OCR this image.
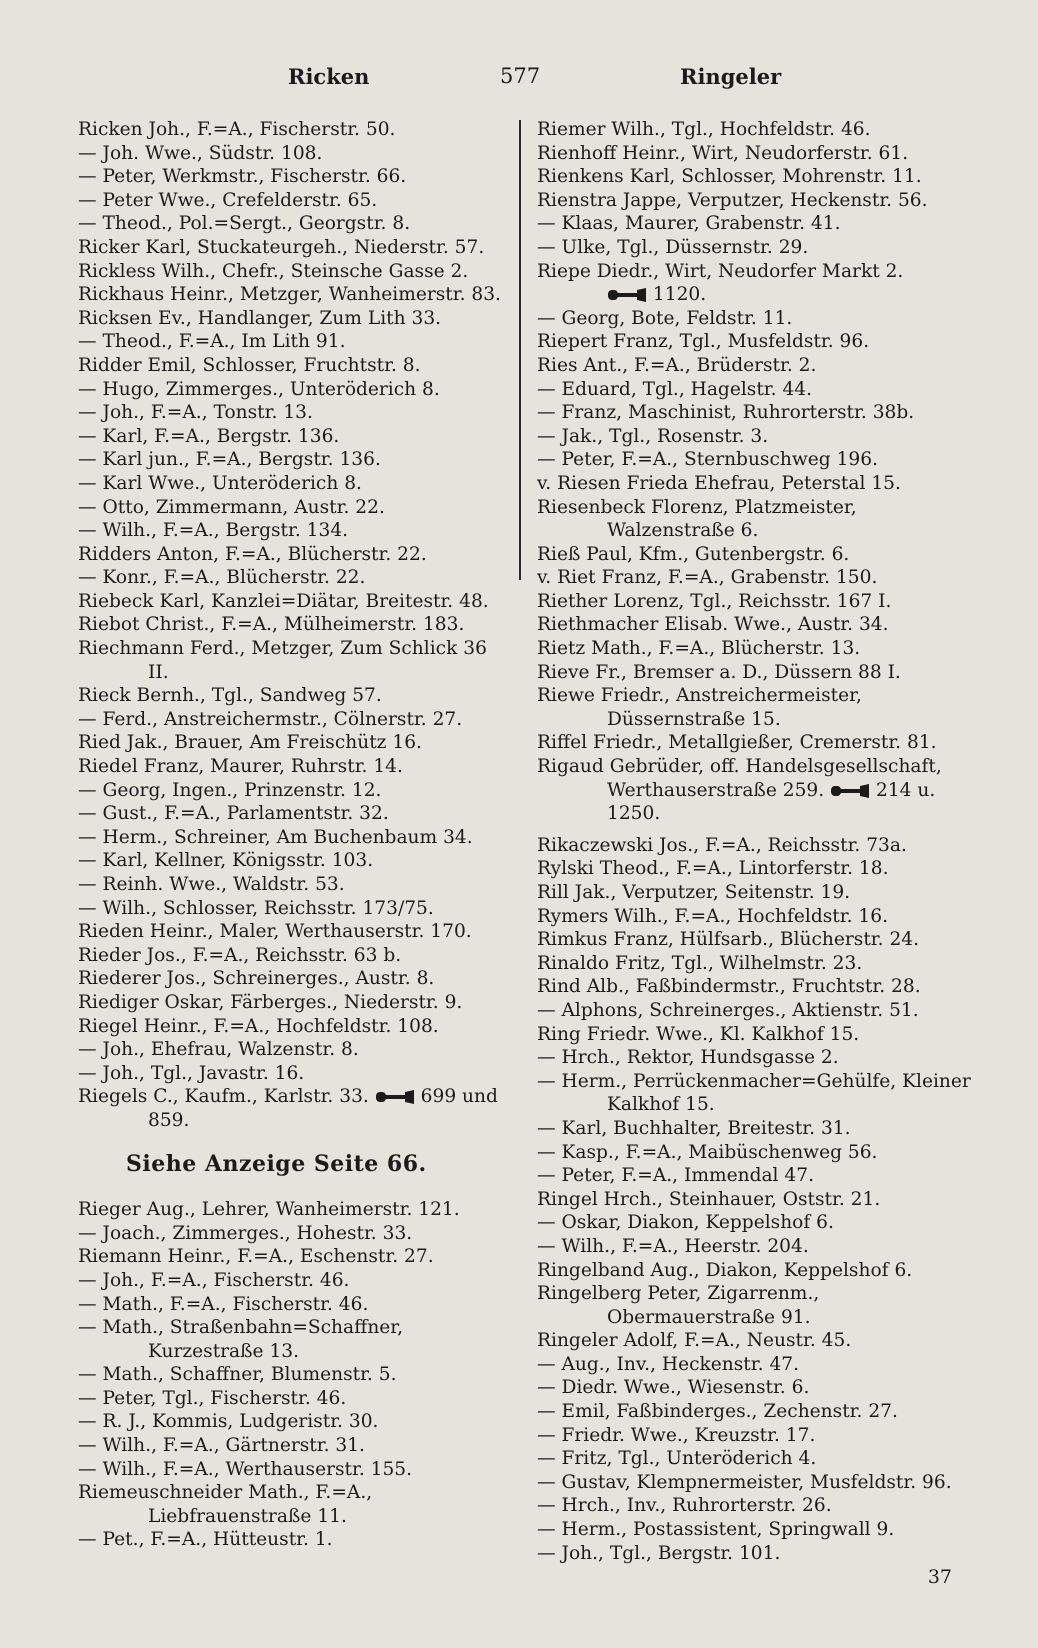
Ricken	577	Ringeler

Ricken Joh., F.=A., Fischerstr. 50.

— Joh. Wwe., Südstr. 108.

— Peter, Werkmstr., Fischerstr. 66.

— Peter Wwe., Crefelderstr. 65.

— Theod., Pol.=Sergt., Georgstr. 8.

Ricker Karl, Stuckateurgeh., Niederstr. 57.

Rickless Wilh., Chefr., Steinsche Gasse 2.

Rickhaus Heinr., Metzger, Wanheimerstr. 83.

Ricksen Ev., Handlanger, Zum Lith 33.

— Theod., F.=A., Im Lith 91.

Ridder Emil, Schlosser, Fruchtstr. 8.

— Hugo, Zimmerges., Unteröderich 8.

— Joh., F.=A., Tonstr. 13.

— Karl, F.=A., Bergstr. 136.

— Karl jun., F.=A., Bergstr. 136.

— Karl Wwe., Unteröderich 8.

— Otto, Zimmermann, Austr. 22.

— Wilh., F.=A., Bergstr. 134.

Ridders Anton, F.=A., Blücherstr. 22.

— Konr., F.=A., Blücherstr. 22.

Riebeck Karl, Kanzlei=Diätar, Breitestr. 48.

Riebot Christ., F.=A., Mülheimerstr. 183.

Riechmann Ferd., Metzger, Zum Schlick 36 II.

Rieck Bernh., Tgl., Sandweg 57.

— Ferd., Anstreichermstr., Cölnerstr. 27.

Ried Jak., Brauer, Am Freischütz 16.

Riedel Franz, Maurer, Ruhrstr. 14.

— Georg, Ingen., Prinzenstr. 12.

— Gust., F.=A., Parlamentstr. 32.

— Herm., Schreiner, Am Buchenbaum 34.

— Karl, Kellner, Königsstr. 103.

— Reinh. Wwe., Waldstr. 53.

— Wilh., Schlosser, Reichsstr. 173/75.

Rieden Heinr., Maler, Werthauserstr. 170.

Rieder Jos., F.=A., Reichsstr. 63 b.

Riederer Jos., Schreinerges., Austr. 8.

Riediger Oskar, Färberges., Niederstr. 9.

Riegel Heinr., F.=A., Hochfeldstr. 108.

— Joh., Ehefrau, Walzenstr. 8.

— Joh., Tgl., Javastr. 16.

Riegels C., Kaufm., Karlstr. 33.	699 und 859.

Siehe Anzeige Seite 66.

Rieger Aug., Lehrer, Wanheimerstr. 121.

— Joach., Zimmerges., Hohestr. 33.

Riemann Heinr., F.=A., Eschenstr. 27.

— Joh., F.=A., Fischerstr. 46.

— Math., F.=A., Fischerstr. 46.

— Math., Straßenbahn=Schaffner, Kurzestraße 13.

— Math., Schaffner, Blumenstr. 5.

— Peter, Tgl., Fischerstr. 46.

— R. J., Kommis, Ludgeristr. 30.

— Wilh., F.=A., Gärtnerstr. 31.

— Wilh., F.=A., Werthauserstr. 155.

Riemeuschneider Math., F.=A., Liebfrauenstraße 11.

— Pet., F.=A., Hütteustr. 1.

Riemer Wilh., Tgl., Hochfeldstr. 46.

Rienhoff Heinr., Wirt, Neudorferstr. 61.

Rienkens Karl, Schlosser, Mohrenstr. 11.

Rienstra Jappe, Verputzer, Heckenstr. 56.

— Klaas, Maurer, Grabenstr. 41.

— Ulke, Tgl., Düssernstr. 29.

Riepe Diedr., Wirt, Neudorfer Markt 2.
1120.

— Georg, Bote, Feldstr. 11.

Riepert Franz, Tgl., Musfeldstr. 96.

Ries Ant., F.=A., Brüderstr. 2.

— Eduard, Tgl., Hagelstr. 44.

— Franz, Maschinist, Ruhrorterstr. 38b.

— Jak., Tgl., Rosenstr. 3.

— Peter, F.=A., Sternbuschweg 196.

v. Riesen Frieda Ehefrau, Peterstal 15.

Riesenbeck Florenz, Platzmeister, Walzenstraße 6.

Rieß Paul, Kfm., Gutenbergstr. 6.

v. Riet Franz, F.=A., Grabenstr. 150.

Riether Lorenz, Tgl., Reichsstr. 167 I.

Riethmacher Elisab. Wwe., Austr. 34.

Rietz Math., F.=A., Blücherstr. 13.

Rieve Fr., Bremser a. D., Düssern 88 I.

Riewe Friedr., Anstreichermeister, Düssernstraße 15.

Riffel Friedr., Metallgießer, Cremerstr. 81.

Rigaud Gebrüder, off. Handelsgesellschaft, Werthauserstraße 259.	214 u. 1250.

Rikaczewski Jos., F.=A., Reichsstr. 73a.

Rylski Theod., F.=A., Lintorferstr. 18.

Rill Jak., Verputzer, Seitenstr. 19.

Rymers Wilh., F.=A., Hochfeldstr. 16.

Rimkus Franz, Hülfsarb., Blücherstr. 24.

Rinaldo Fritz, Tgl., Wilhelmstr. 23.

Rind Alb., Faßbindermstr., Fruchtstr. 28.

— Alphons, Schreinerges., Aktienstr. 51.

Ring Friedr. Wwe., Kl. Kalkhof 15.

— Hrch., Rektor, Hundsgasse 2.

— Herm., Perrückenmacher=Gehülfe, Kleiner Kalkhof 15.

— Karl, Buchhalter, Breitestr. 31.

— Kasp., F.=A., Maibüschenweg 56.

— Peter, F.=A., Immendal 47.

Ringel Hrch., Steinhauer, Oststr. 21.

— Oskar, Diakon, Keppelshof 6.

— Wilh., F.=A., Heerstr. 204.

Ringelband Aug., Diakon, Keppelshof 6.

Ringelberg Peter, Zigarrenm., Obermauerstraße 91.

Ringeler Adolf, F.=A., Neustr. 45.

— Aug., Inv., Heckenstr. 47.

— Diedr. Wwe., Wiesenstr. 6.

— Emil, Faßbinderges., Zechenstr. 27.

— Friedr. Wwe., Kreuzstr. 17.

— Fritz, Tgl., Unteröderich 4.

— Gustav, Klempnermeister, Musfeldstr. 96.

— Hrch., Inv., Ruhrorterstr. 26.

— Herm., Postassistent, Springwall 9.

— Joh., Tgl., Bergstr. 101.

37
